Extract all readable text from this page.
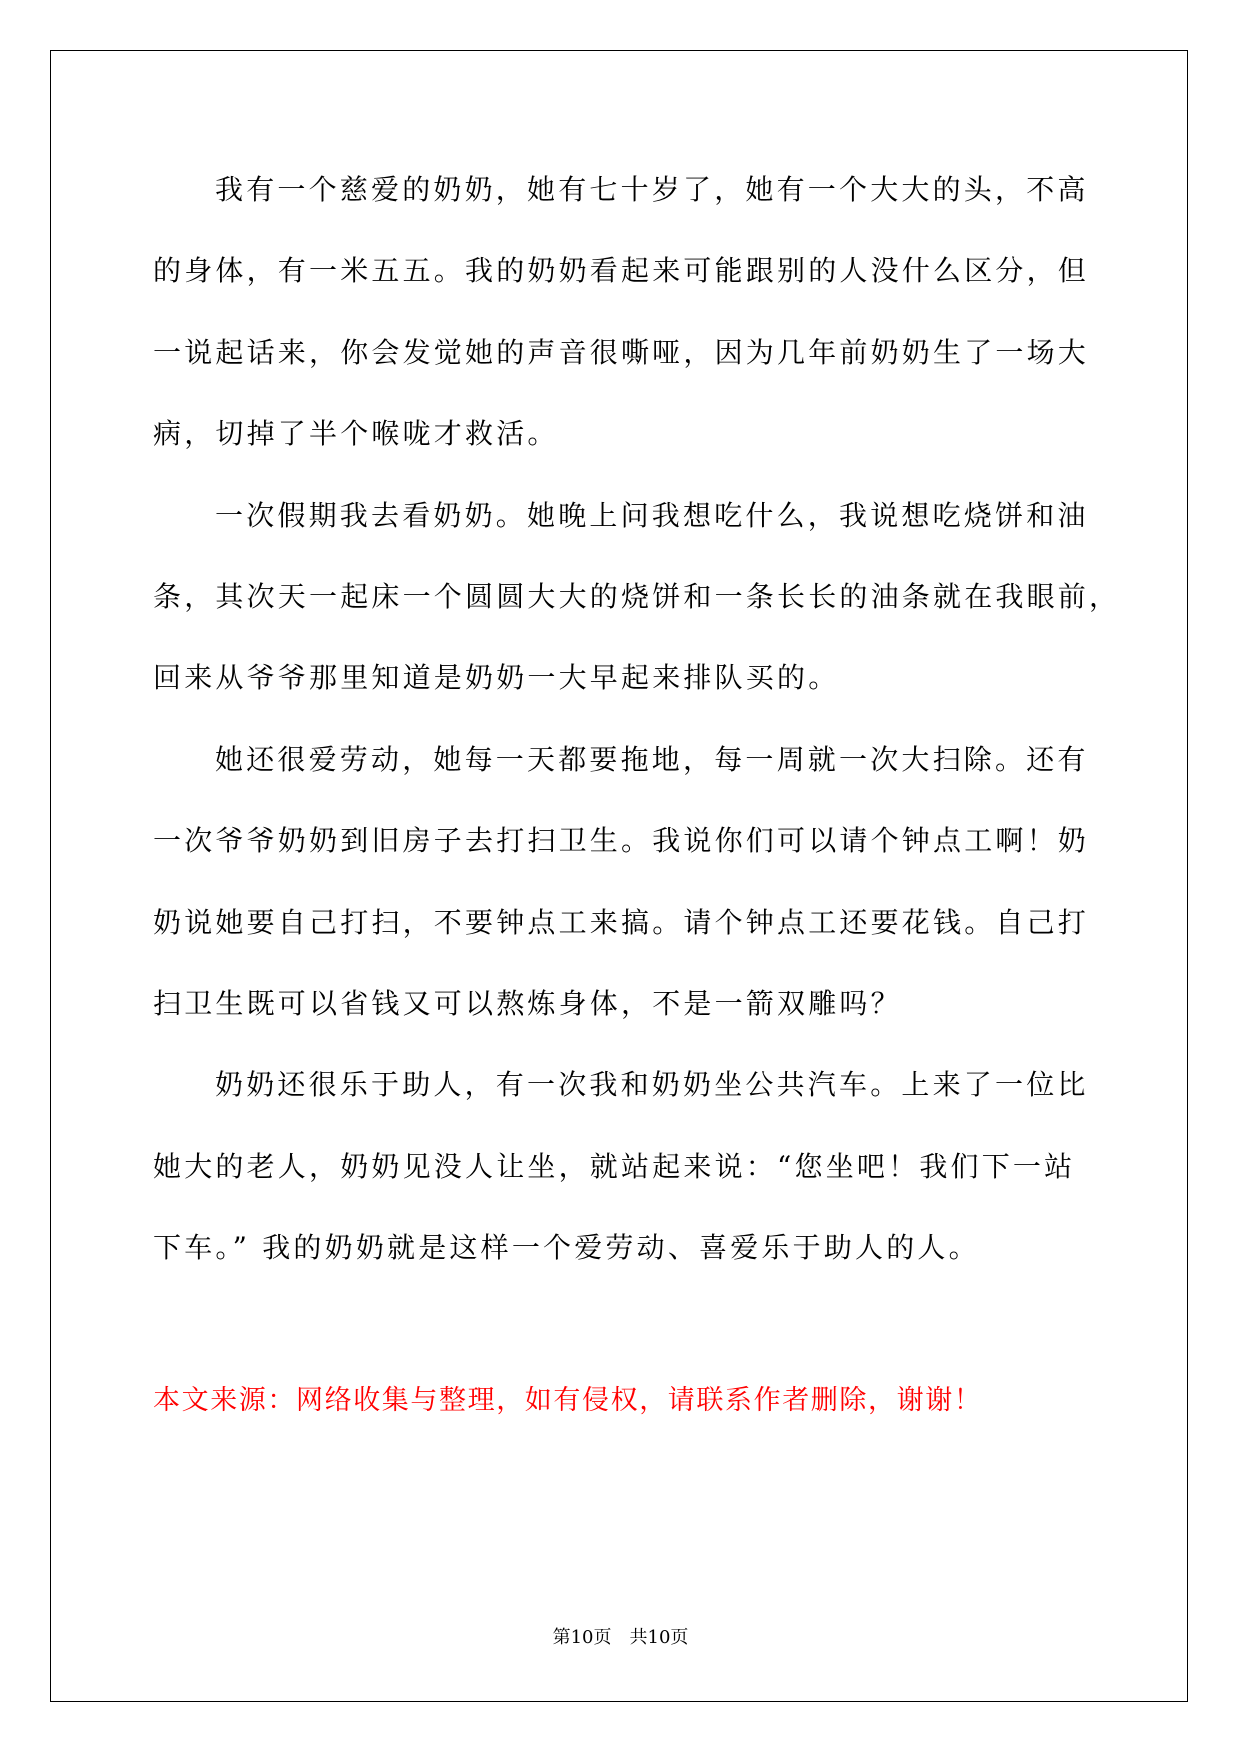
我有一个慈爱的奶奶，她有七十岁了，她有一个大大的头，不高
的身体，有一米五五。我的奶奶看起来可能跟别的人没什么区分，但
一说起话来，你会发觉她的声音很嘶哑，因为几年前奶奶生了一场大
病，切掉了半个喉咙才救活。
一次假期我去看奶奶。她晚上问我想吃什么，我说想吃烧饼和油
条，其次天一起床一个圆圆大大的烧饼和一条长长的油条就在我眼前，
回来从爷爷那里知道是奶奶一大早起来排队买的。
她还很爱劳动，她每一天都要拖地，每一周就一次大扫除。还有
一次爷爷奶奶到旧房子去打扫卫生。我说你们可以请个钟点工啊！奶
奶说她要自己打扫，不要钟点工来搞。请个钟点工还要花钱。自己打
扫卫生既可以省钱又可以熬炼身体，不是一箭双雕吗？
奶奶还很乐于助人，有一次我和奶奶坐公共汽车。上来了一位比
她大的老人，奶奶见没人让坐，就站起来说：“您坐吧！我们下一站
下车。” 我的奶奶就是这样一个爱劳动、喜爱乐于助人的人。
本文来源：网络收集与整理，如有侵权，请联系作者删除，谢谢！
第10页 共10页
